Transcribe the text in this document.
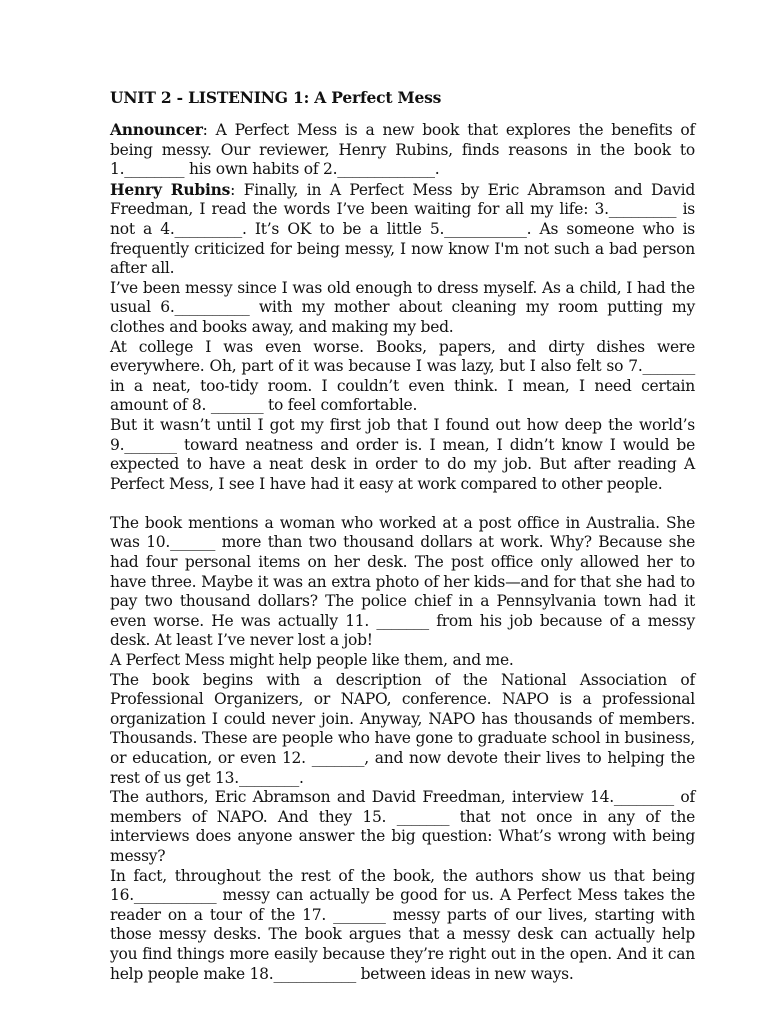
UNIT 2 - LISTENING 1: A Perfect Mess

Announcer: A Perfect Mess is a new book that explores the benefits of being messy. Our reviewer, Henry Rubins, finds reasons in the book to 1.________ his own habits of 2._____________.

Henry Rubins: Finally, in A Perfect Mess by Eric Abramson and David Freedman, I read the words I’ve been waiting for all my life: 3._________ is not a 4._________. It’s OK to be a little 5.___________. As someone who is frequently criticized for being messy, I now know I'm not such a bad person after all.

I’ve been messy since I was old enough to dress myself. As a child, I had the usual 6.__________ with my mother about cleaning my room putting my clothes and books away, and making my bed.

At college I was even worse. Books, papers, and dirty dishes were everywhere. Oh, part of it was because I was lazy, but I also felt so 7._______ in a neat, too-tidy room. I couldn’t even think. I mean, I need certain amount of 8. _______ to feel comfortable.

But it wasn’t until I got my first job that I found out how deep the world’s 9._______ toward neatness and order is. I mean, I didn’t know I would be expected to have a neat desk in order to do my job. But after reading A Perfect Mess, I see I have had it easy at work compared to other people.

The book mentions a woman who worked at a post office in Australia. She was 10.______ more than two thousand dollars at work. Why? Because she had four personal items on her desk. The post office only allowed her to have three. Maybe it was an extra photo of her kids—and for that she had to pay two thousand dollars? The police chief in a Pennsylvania town had it even worse. He was actually 11. _______ from his job because of a messy desk. At least I’ve never lost a job!

A Perfect Mess might help people like them, and me.

The book begins with a description of the National Association of Professional Organizers, or NAPO, conference. NAPO is a professional organization I could never join. Anyway, NAPO has thousands of members. Thousands. These are people who have gone to graduate school in business, or education, or even 12. _______, and now devote their lives to helping the rest of us get 13.________.

The authors, Eric Abramson and David Freedman, interview 14.________ of members of NAPO. And they 15. _______ that not once in any of the interviews does anyone answer the big question: What’s wrong with being messy?

In fact, throughout the rest of the book, the authors show us that being 16.___________ messy can actually be good for us. A Perfect Mess takes the reader on a tour of the 17. _______ messy parts of our lives, starting with those messy desks. The book argues that a messy desk can actually help you find things more easily because they’re right out in the open. And it can help people make 18.___________ between ideas in new ways.
